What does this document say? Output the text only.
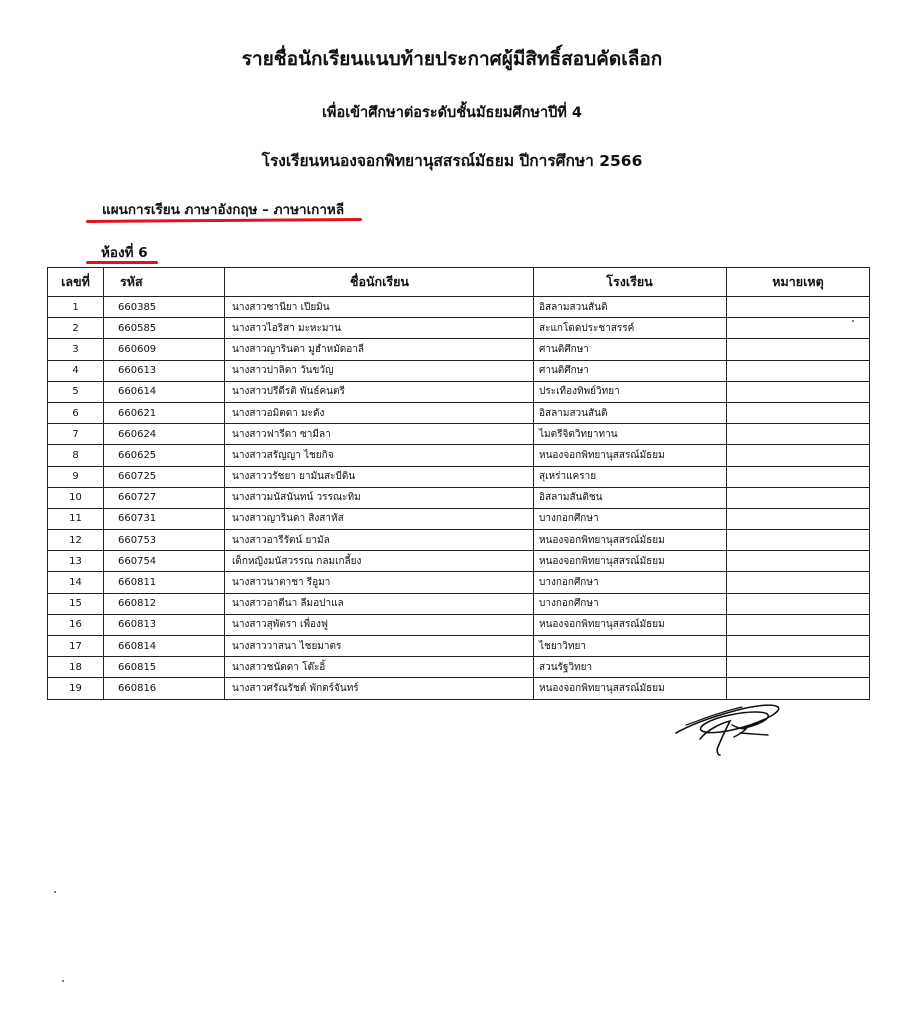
รายชื่อนักเรียนแนบท้ายประกาศผู้มีสิทธิ์สอบคัดเลือก
เพื่อเข้าศึกษาต่อระดับชั้นมัธยมศึกษาปีที่ 4
โรงเรียนหนองจอกพิทยานุสสรณ์มัธยม ปีการศึกษา 2566
แผนการเรียน ภาษาอังกฤษ – ภาษาเกาหลี
ห้องที่ 6
เลขที่	รหัส	ชื่อนักเรียน	โรงเรียน	หมายเหตุ
1	660385	นางสาวซานียา เปียมิน	อิสลามสวนสันติ	
2	660585	นางสาวไอริสา มะหะมาน	สะแกโดดประชาสรรค์	
3	660609	นางสาวญารินดา มูฮำหมัดอาลี	ศานติศึกษา	
4	660613	นางสาวปาลิตา วันขวัญ	ศานติศึกษา	
5	660614	นางสาวปรีดีรติ พันธ์คนตรี	ประเทืองทิพย์วิทยา	
6	660621	นางสาวอมิตดา มะดัง	อิสลามสวนสันติ	
7	660624	นางสาวฟารีดา ซามีลา	ไมตรีจิตวิทยาทาน	
8	660625	นางสาวสรัญญา ไชยกิจ	หนองจอกพิทยานุสสรณ์มัธยม	
9	660725	นางสาววรัชยา ยามันสะบีดิน	สุเหร่าแคราย	
10	660727	นางสาวมนัสนันทน์ วรรณะทิม	อิสลามสันติชน	
11	660731	นางสาวญารินดา สิงสาหัส	บางกอกศึกษา	
12	660753	นางสาวอารีรัตน์ ยามัล	หนองจอกพิทยานุสสรณ์มัธยม	
13	660754	เด็กหญิงมนัสวรรณ กลมเกลี้ยง	หนองจอกพิทยานุสสรณ์มัธยม	
14	660811	นางสาวนาตาชา รีอูมา	บางกอกศึกษา	
15	660812	นางสาวอาตีนา ลีมอปาแล	บางกอกศึกษา	
16	660813	นางสาวสุพัตรา เพื่องฟู	หนองจอกพิทยานุสสรณ์มัธยม	
17	660814	นางสาววาสนา ไชยมาตร	ไชยาวิทยา	
18	660815	นางสาวชนัดดา โต๊ะอิ้	สวนรัฐวิทยา	
19	660816	นางสาวศรัณรัชต์ พักตร์จันทร์	หนองจอกพิทยานุสสรณ์มัธยม	
